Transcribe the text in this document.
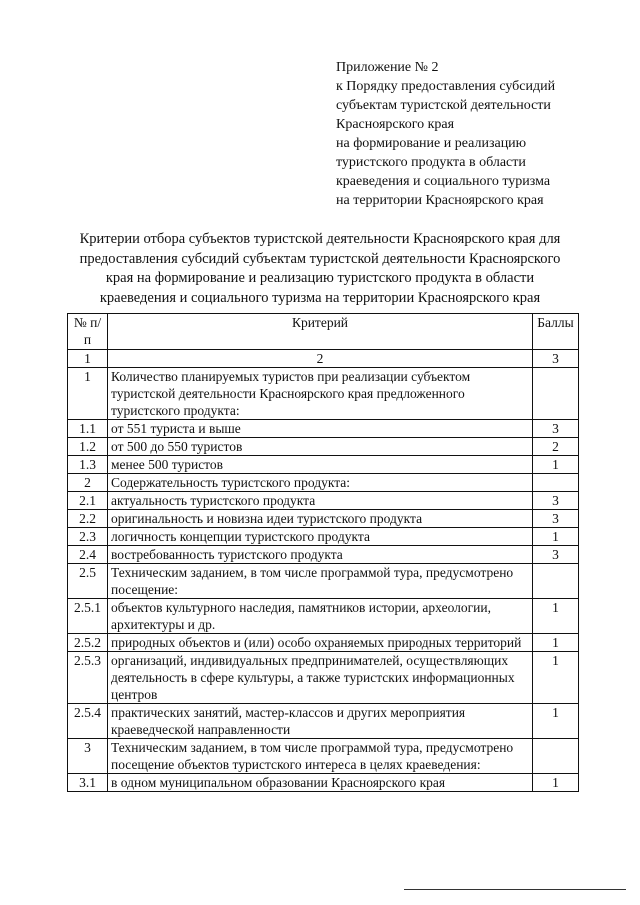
Приложение № 2
к Порядку предоставления субсидий
субъектам туристской деятельности
Красноярского края
на формирование и реализацию
туристского продукта в области
краеведения и социального туризма
на территории Красноярского края
Критерии отбора субъектов туристской деятельности Красноярского края для
предоставления субсидий субъектам туристской деятельности Красноярского
края на формирование и реализацию туристского продукта в области
краеведения и социального туризма на территории Красноярского края
№ п/п	Критерий	Баллы
1	2	3
1	Количество планируемых туристов при реализации субъектом туристской деятельности Красноярского края предложенного туристского продукта:	
1.1	от 551 туриста и выше	3
1.2	от 500 до 550 туристов	2
1.3	менее 500 туристов	1
2	Содержательность туристского продукта:	
2.1	актуальность туристского продукта	3
2.2	оригинальность и новизна идеи туристского продукта	3
2.3	логичность концепции туристского продукта	1
2.4	востребованность туристского продукта	3
2.5	Техническим заданием, в том числе программой тура, предусмотрено посещение:	
2.5.1	объектов культурного наследия, памятников истории, археологии, архитектуры и др.	1
2.5.2	природных объектов и (или) особо охраняемых природных территорий	1
2.5.3	организаций, индивидуальных предпринимателей, осуществляющих деятельность в сфере культуры, а также туристских информационных центров	1
2.5.4	практических занятий, мастер-классов и других мероприятия краеведческой направленности	1
3	Техническим заданием, в том числе программой тура, предусмотрено посещение объектов туристского интереса в целях краеведения:	
3.1	в одном муниципальном образовании Красноярского края	1
